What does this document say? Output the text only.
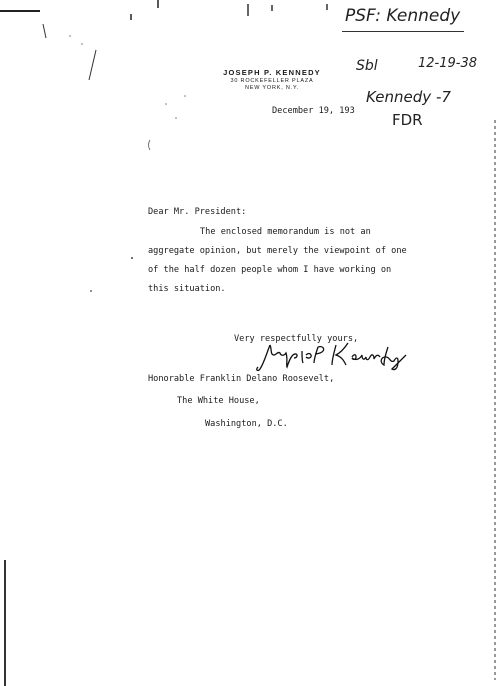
JOSEPH P. KENNEDY
30 ROCKEFELLER PLAZA
NEW YORK, N.Y.
PSF: Kennedy
Sbl	12-19-38
Kennedy -7
FDR
December 19, 193
Dear Mr. President:
The enclosed memorandum is not an
aggregate opinion, but merely the viewpoint of one
of the half dozen people whom I have working on
this situation.
Very respectfully yours,
Honorable Franklin Delano Roosevelt,
The White House,
Washington, D.C.
